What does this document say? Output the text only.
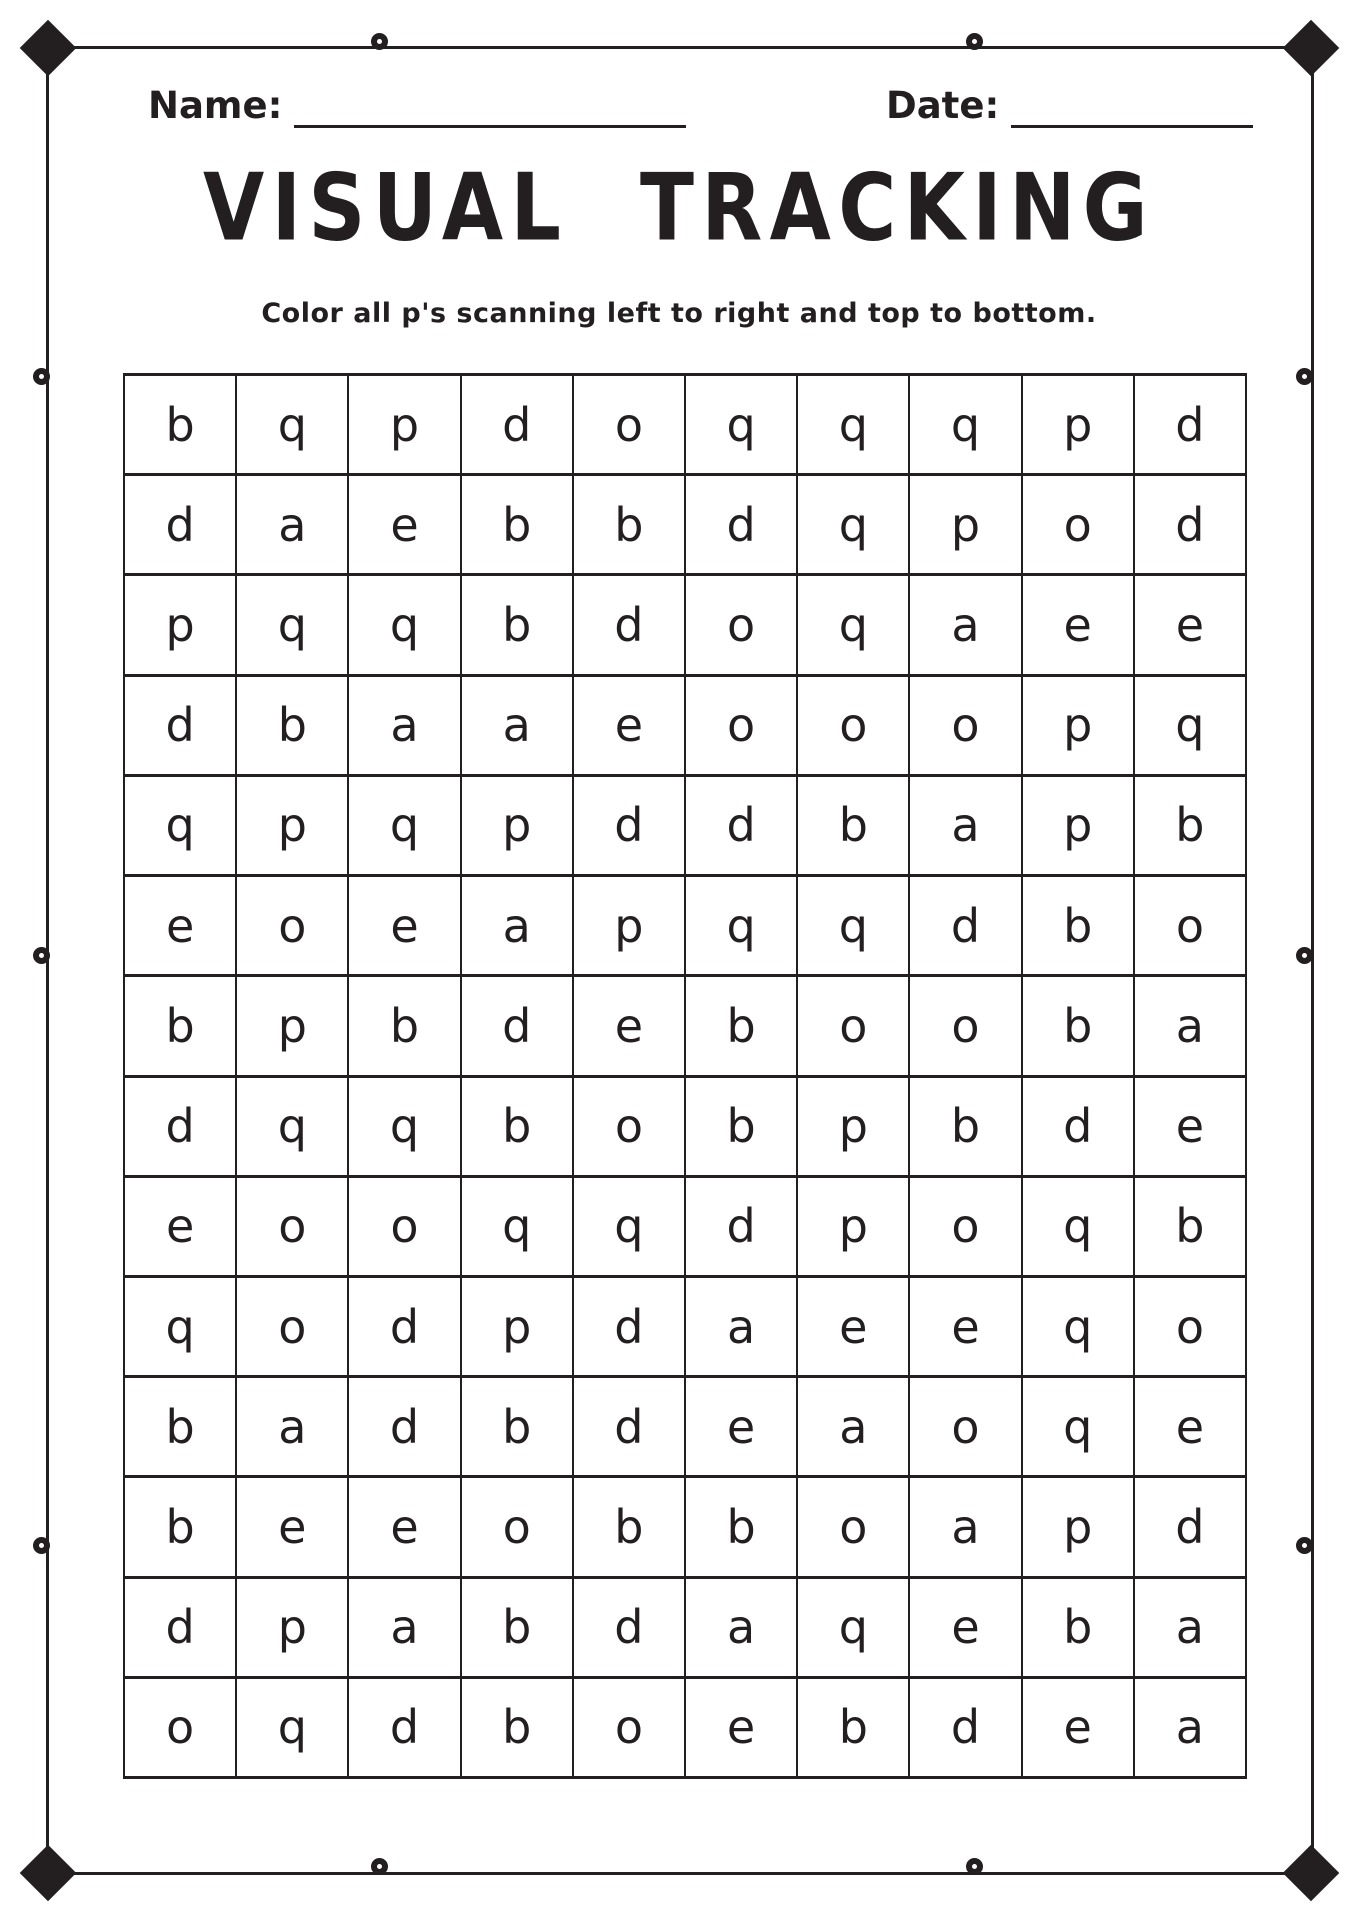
Name:	Date:
VISUAL TRACKING
Color all p's scanning left to right and top to bottom.
b	q	p	d	o	q	q	q	p	d
d	a	e	b	b	d	q	p	o	d
p	q	q	b	d	o	q	a	e	e
d	b	a	a	e	o	o	o	p	q
q	p	q	p	d	d	b	a	p	b
e	o	e	a	p	q	q	d	b	o
b	p	b	d	e	b	o	o	b	a
d	q	q	b	o	b	p	b	d	e
e	o	o	q	q	d	p	o	q	b
q	o	d	p	d	a	e	e	q	o
b	a	d	b	d	e	a	o	q	e
b	e	e	o	b	b	o	a	p	d
d	p	a	b	d	a	q	e	b	a
o	q	d	b	o	e	b	d	e	a
